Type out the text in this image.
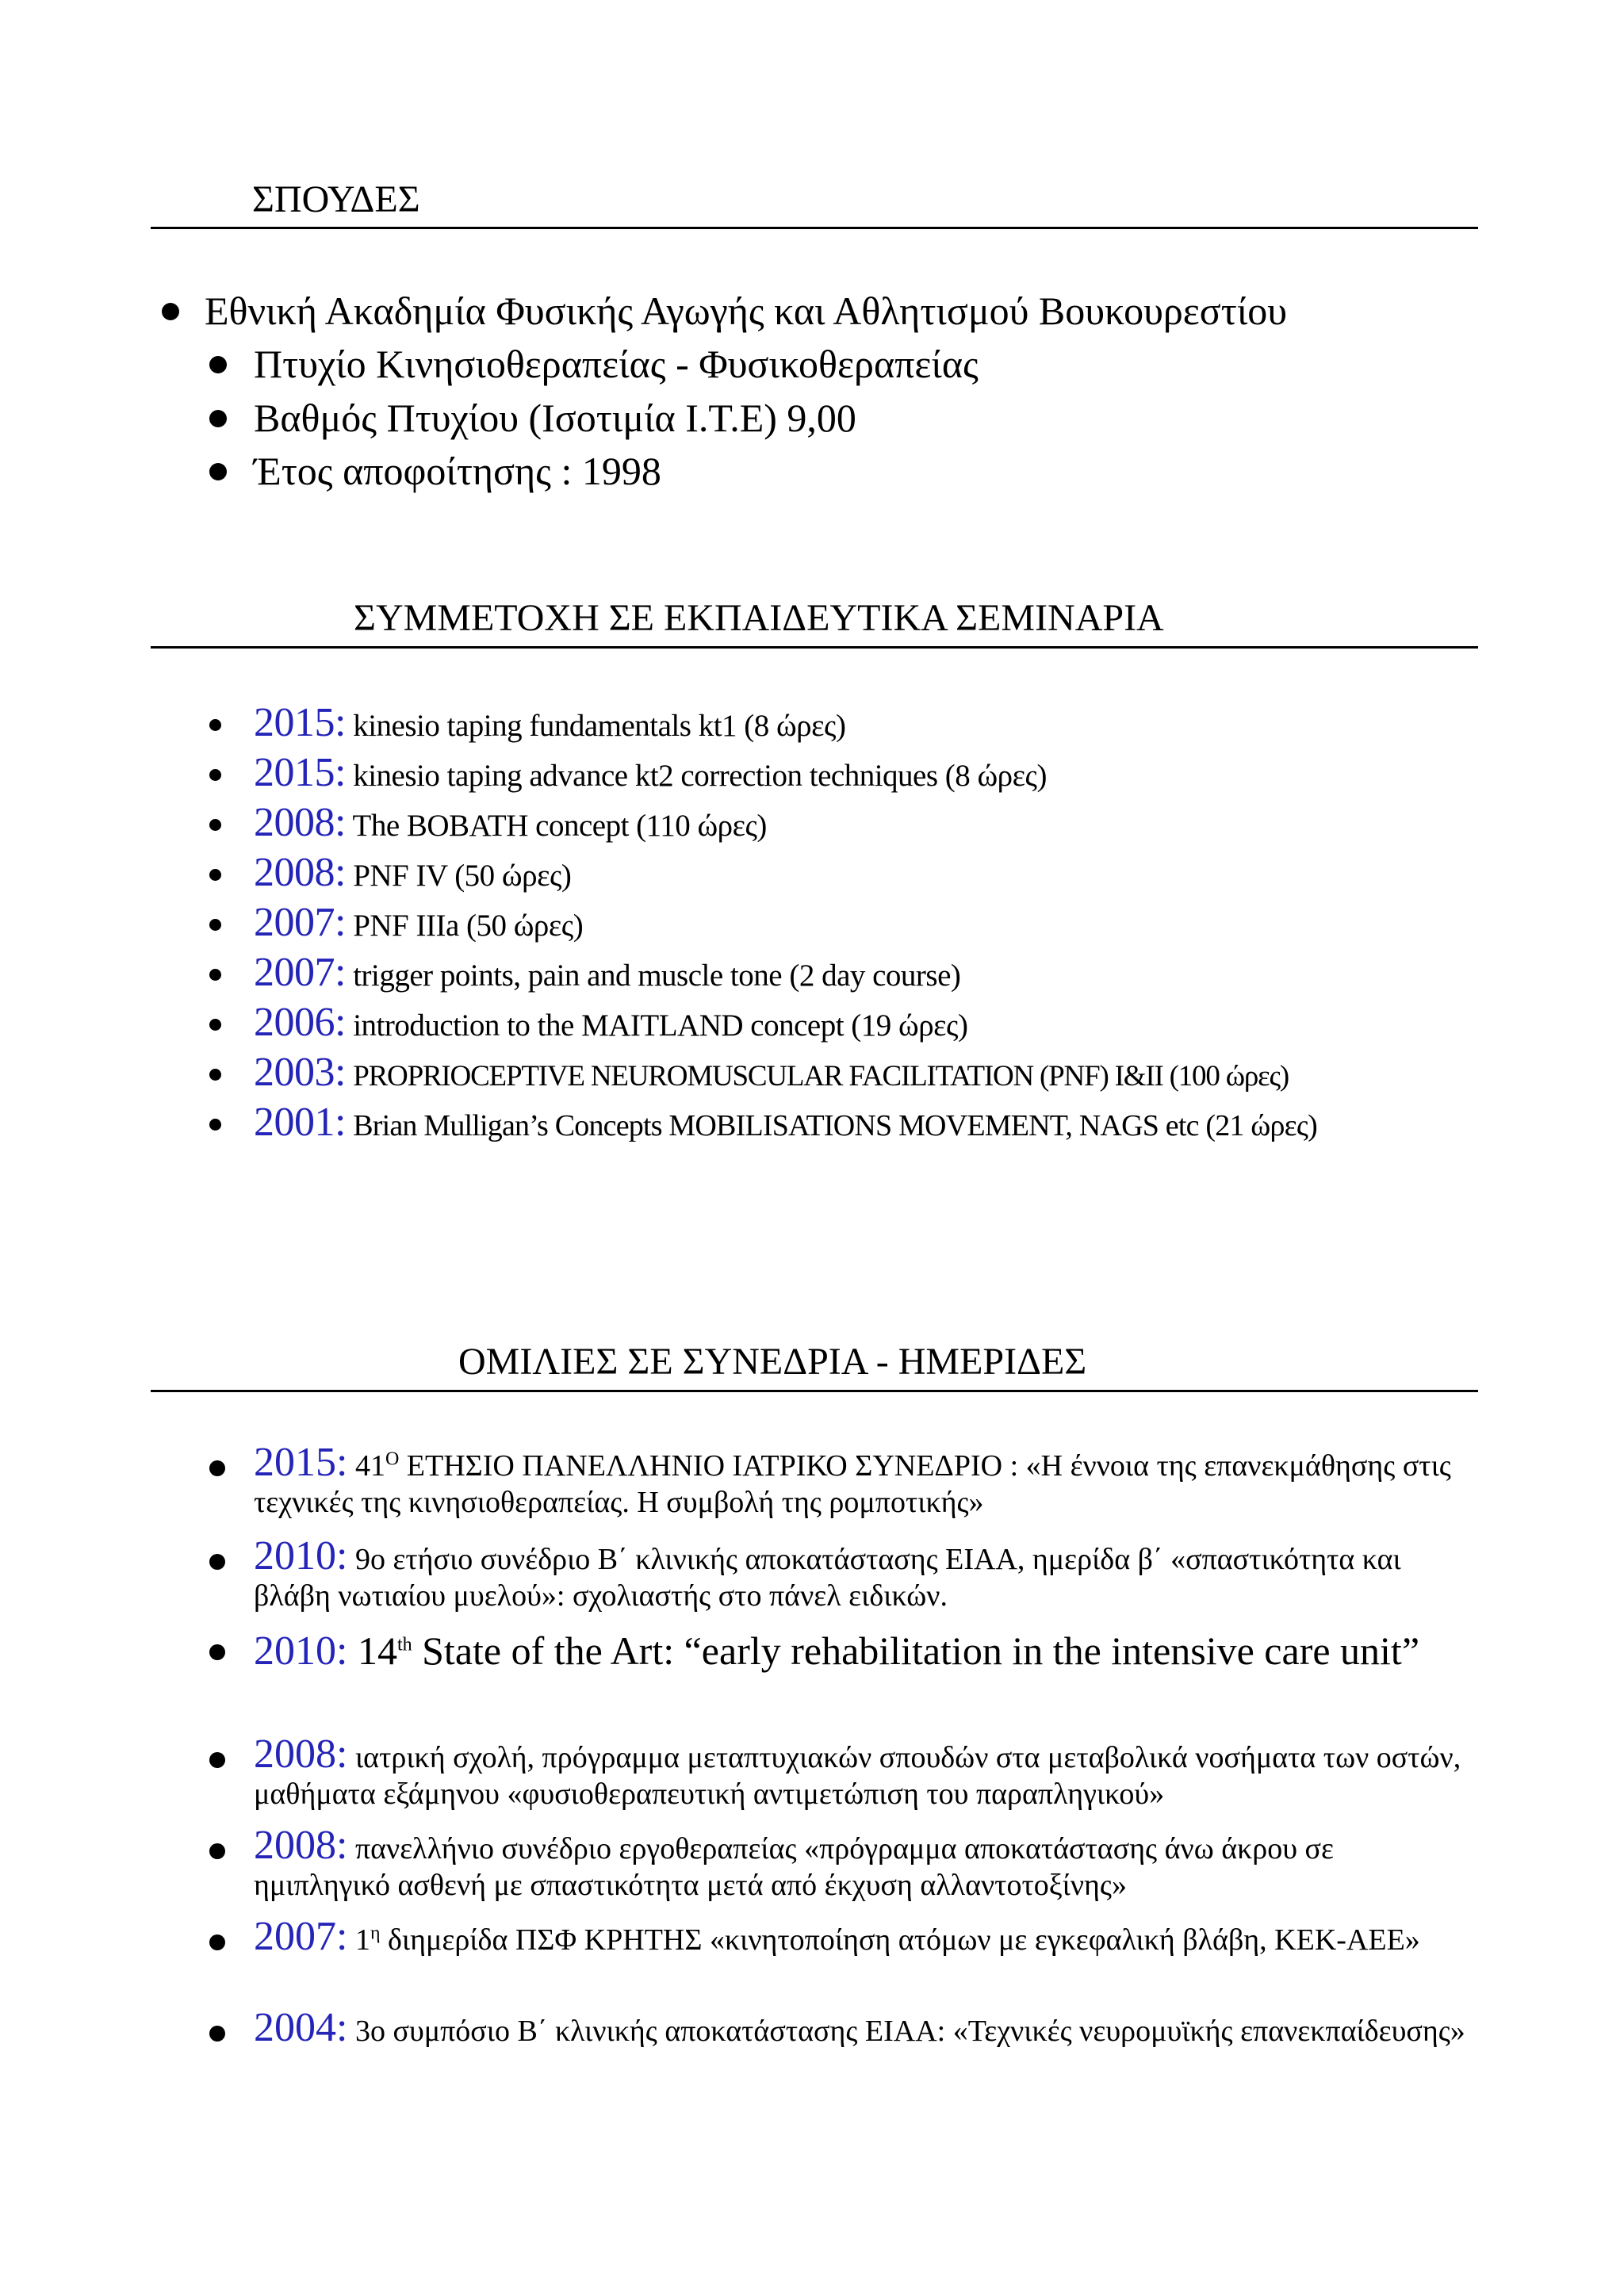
ΣΠΟΥΔΕΣ
Εθνική Ακαδημία Φυσικής Αγωγής και Αθλητισμού Βουκουρεστίου
Πτυχίο Κινησιοθεραπείας - Φυσικοθεραπείας
Βαθμός Πτυχίου (Ισοτιμία Ι.Τ.Ε) 9,00
Έτος αποφοίτησης : 1998
ΣΥΜΜΕΤΟΧΗ ΣΕ ΕΚΠΑΙΔΕΥΤΙΚΑ ΣΕΜΙΝΑΡΙΑ
2015: kinesio taping fundamentals kt1 (8 ώρες)
2015: kinesio taping advance kt2 correction techniques (8 ώρες)
2008: The BOBATH concept (110 ώρες)
2008: PNF IV (50 ώρες)
2007: PNF IIIa (50 ώρες)
2007: trigger points, pain and muscle tone (2 day course)
2006: introduction to the MAITLAND concept (19 ώρες)
2003: PROPRIOCEPTIVE NEUROMUSCULAR FACILITATION (PNF) I&II (100 ώρες)
2001: Brian Mulligan’s Concepts MOBILISATIONS MOVEMENT, NAGS etc (21 ώρες)
ΟΜΙΛΙΕΣ ΣΕ ΣΥΝΕΔΡΙΑ - ΗΜΕΡΙΔΕΣ
2015: $41^O$ ΕΤΗΣΙΟ ΠΑΝΕΛΛΗΝΙΟ ΙΑΤΡΙΚΟ ΣΥΝΕΔΡΙΟ : «Η έννοια της επανεκμάθησης στις τεχνικές της κινησιοθεραπείας. Η συμβολή της ρομποτικής»
2010: 9ο ετήσιο συνέδριο Β΄ κλινικής αποκατάστασης ΕΙΑΑ, ημερίδα β΄ «σπαστικότητα και βλάβη νωτιαίου μυελού»: σχολιαστής στο πάνελ ειδικών.
2010: 14th State of the Art: “early rehabilitation in the intensive care unit”
2008: ιατρική σχολή, πρόγραμμα μεταπτυχιακών σπουδών στα μεταβολικά νοσήματα των οστών, μαθήματα εξάμηνου «φυσιοθεραπευτική αντιμετώπιση του παραπληγικού»
2008: πανελλήνιο συνέδριο εργοθεραπείας «πρόγραμμα αποκατάστασης άνω άκρου σε ημιπληγικό ασθενή με σπαστικότητα μετά από έκχυση αλλαντοτοξίνης»
2007: $1^\eta$ διημερίδα ΠΣΦ ΚΡΗΤΗΣ «κινητοποίηση ατόμων με εγκεφαλική βλάβη, ΚΕΚ-ΑΕΕ»
2004: 3ο συμπόσιο Β΄ κλινικής αποκατάστασης ΕΙΑΑ: «Τεχνικές νευρομυϊκής επανεκπαίδευσης»
